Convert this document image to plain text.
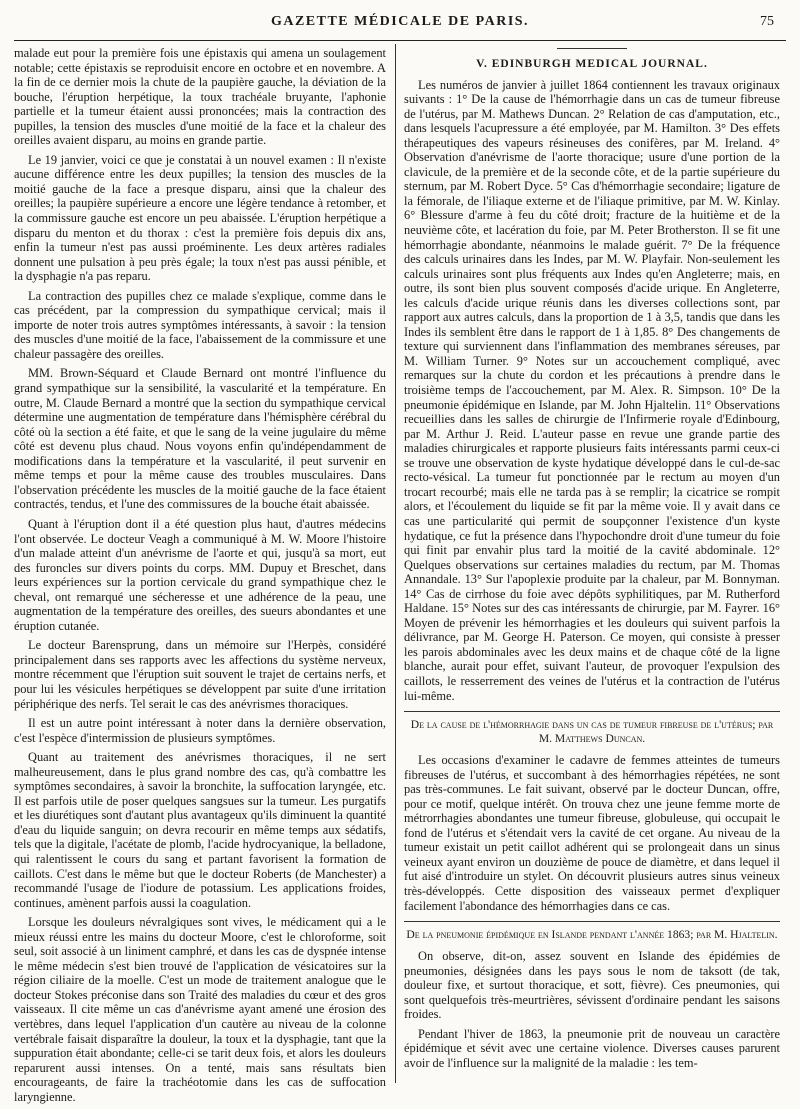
GAZETTE MÉDICALE DE PARIS.	75

malade eut pour la première fois une épistaxis qui amena un soulagement notable; cette épistaxis se reproduisit encore en octobre et en novembre. A la fin de ce dernier mois la chute de la paupière gauche, la déviation de la bouche, l'éruption herpétique, la toux trachéale bruyante, l'aphonie partielle et la tumeur étaient aussi prononcées; mais la contraction des pupilles, la tension des muscles d'une moitié de la face et la chaleur des oreilles avaient disparu, au moins en grande partie.

Le 19 janvier, voici ce que je constatai à un nouvel examen : Il n'existe aucune différence entre les deux pupilles; la tension des muscles de la moitié gauche de la face a presque disparu, ainsi que la chaleur des oreilles; la paupière supérieure a encore une légère tendance à retomber, et la commissure gauche est encore un peu abaissée. L'éruption herpétique a disparu du menton et du thorax : c'est la première fois depuis dix ans, enfin la tumeur n'est pas aussi proéminente. Les deux artères radiales donnent une pulsation à peu près égale; la toux n'est pas aussi pénible, et la dysphagie n'a pas reparu.

La contraction des pupilles chez ce malade s'explique, comme dans le cas précédent, par la compression du sympathique cervical; mais il importe de noter trois autres symptômes intéressants, à savoir : la tension des muscles d'une moitié de la face, l'abaissement de la commissure et une chaleur passagère des oreilles.

MM. Brown-Séquard et Claude Bernard ont montré l'influence du grand sympathique sur la sensibilité, la vascularité et la température. En outre, M. Claude Bernard a montré que la section du sympathique cervical détermine une augmentation de température dans l'hémisphère cérébral du côté où la section a été faite, et que le sang de la veine jugulaire du même côté est devenu plus chaud. Nous voyons enfin qu'indépendamment de modifications dans la température et la vascularité, il peut survenir en même temps et pour la même cause des troubles musculaires. Dans l'observation précédente les muscles de la moitié gauche de la face étaient contractés, tendus, et l'une des commissures de la bouche était abaissée.

Quant à l'éruption dont il a été question plus haut, d'autres médecins l'ont observée. Le docteur Veagh a communiqué à M. W. Moore l'histoire d'un malade atteint d'un anévrisme de l'aorte et qui, jusqu'à sa mort, eut des furoncles sur divers points du corps. MM. Dupuy et Breschet, dans leurs expériences sur la portion cervicale du grand sympathique chez le cheval, ont remarqué une sécheresse et une adhérence de la peau, une augmentation de la température des oreilles, des sueurs abondantes et une éruption cutanée.

Le docteur Barensprung, dans un mémoire sur l'Herpès, considéré principalement dans ses rapports avec les affections du système nerveux, montre récemment que l'éruption suit souvent le trajet de certains nerfs, et pour lui les vésicules herpétiques se développent par suite d'une irritation périphérique des nerfs. Tel serait le cas des anévrismes thoraciques.

Il est un autre point intéressant à noter dans la dernière observation, c'est l'espèce d'intermission de plusieurs symptômes.

Quant au traitement des anévrismes thoraciques, il ne sert malheureusement, dans le plus grand nombre des cas, qu'à combattre les symptômes secondaires, à savoir la bronchite, la suffocation laryngée, etc. Il est parfois utile de poser quelques sangsues sur la tumeur. Les purgatifs et les diurétiques sont d'autant plus avantageux qu'ils diminuent la quantité d'eau du liquide sanguin; on devra recourir en même temps aux sédatifs, tels que la digitale, l'acétate de plomb, l'acide hydrocyanique, la belladone, qui ralentissent le cours du sang et partant favorisent la formation de caillots. C'est dans le même but que le docteur Roberts (de Manchester) a recommandé l'usage de l'iodure de potassium. Les applications froides, continues, amènent parfois aussi la coagulation.

Lorsque les douleurs névralgiques sont vives, le médicament qui a le mieux réussi entre les mains du docteur Moore, c'est le chloroforme, soit seul, soit associé à un liniment camphré, et dans les cas de dyspnée intense le même médecin s'est bien trouvé de l'application de vésicatoires sur la région ciliaire de la moelle. C'est un mode de traitement analogue que le docteur Stokes préconise dans son Traité des maladies du cœur et des gros vaisseaux. Il cite même un cas d'anévrisme ayant amené une érosion des vertèbres, dans lequel l'application d'un cautère au niveau de la colonne vertébrale faisait disparaître la douleur, la toux et la dysphagie, tant que la suppuration était abondante; celle-ci se tarit deux fois, et alors les douleurs reparurent aussi intenses. On a tenté, mais sans résultats bien encourageants, de faire la trachéotomie dans les cas de suffocation laryngienne.

V. EDINBURGH MEDICAL JOURNAL.

Les numéros de janvier à juillet 1864 contiennent les travaux originaux suivants : 1° De la cause de l'hémorrhagie dans un cas de tumeur fibreuse de l'utérus, par M. Mathews Duncan. 2° Relation de cas d'amputation, etc., dans lesquels l'acupressure a été employée, par M. Hamilton. 3° Des effets thérapeutiques des vapeurs résineuses des conifères, par M. Ireland. 4° Observation d'anévrisme de l'aorte thoracique; usure d'une portion de la clavicule, de la première et de la seconde côte, et de la partie supérieure du sternum, par M. Robert Dyce. 5° Cas d'hémorrhagie secondaire; ligature de la fémorale, de l'iliaque externe et de l'iliaque primitive, par M. W. Kinlay. 6° Blessure d'arme à feu du côté droit; fracture de la huitième et de la neuvième côte, et lacération du foie, par M. Peter Brotherston. Il se fit une hémorrhagie abondante, néanmoins le malade guérit. 7° De la fréquence des calculs urinaires dans les Indes, par M. W. Playfair. Non-seulement les calculs urinaires sont plus fréquents aux Indes qu'en Angleterre; mais, en outre, ils sont bien plus souvent composés d'acide urique. En Angleterre, les calculs d'acide urique réunis dans les diverses collections sont, par rapport aux autres calculs, dans la proportion de 1 à 3,5, tandis que dans les Indes ils semblent être dans le rapport de 1 à 1,85. 8° Des changements de texture qui surviennent dans l'inflammation des membranes séreuses, par M. William Turner. 9° Notes sur un accouchement compliqué, avec remarques sur la chute du cordon et les précautions à prendre dans le troisième temps de l'accouchement, par M. Alex. R. Simpson. 10° De la pneumonie épidémique en Islande, par M. John Hjaltelin. 11° Observations recueillies dans les salles de chirurgie de l'Infirmerie royale d'Edinbourg, par M. Arthur J. Reid. L'auteur passe en revue une grande partie des maladies chirurgicales et rapporte plusieurs faits intéressants parmi ceux-ci se trouve une observation de kyste hydatique développé dans le cul-de-sac recto-vésical. La tumeur fut ponctionnée par le rectum au moyen d'un trocart recourbé; mais elle ne tarda pas à se remplir; la cicatrice se rompit alors, et l'écoulement du liquide se fit par la même voie. Il y avait dans ce cas une particularité qui permit de soupçonner l'existence d'un kyste hydatique, ce fut la présence dans l'hypochondre droit d'une tumeur du foie qui finit par envahir plus tard la moitié de la cavité abdominale. 12° Quelques observations sur certaines maladies du rectum, par M. Thomas Annandale. 13° Sur l'apoplexie produite par la chaleur, par M. Bonnyman. 14° Cas de cirrhose du foie avec dépôts syphilitiques, par M. Rutherford Haldane. 15° Notes sur des cas intéressants de chirurgie, par M. Fayrer. 16° Moyen de prévenir les hémorrhagies et les douleurs qui suivent parfois la délivrance, par M. George H. Paterson. Ce moyen, qui consiste à presser les parois abdominales avec les deux mains et de chaque côté de la ligne blanche, aurait pour effet, suivant l'auteur, de provoquer l'expulsion des caillots, le resserrement des veines de l'utérus et la contraction de l'utérus lui-même.

De la cause de l'hémorrhagie dans un cas de tumeur fibreuse de l'utérus; par M. Matthews Duncan.

Les occasions d'examiner le cadavre de femmes atteintes de tumeurs fibreuses de l'utérus, et succombant à des hémorrhagies répétées, ne sont pas très-communes. Le fait suivant, observé par le docteur Duncan, offre, pour ce motif, quelque intérêt. On trouva chez une jeune femme morte de métrorrhagies abondantes une tumeur fibreuse, globuleuse, qui occupait le fond de l'utérus et s'étendait vers la cavité de cet organe. Au niveau de la tumeur existait un petit caillot adhérent qui se prolongeait dans un sinus veineux ayant environ un douzième de pouce de diamètre, et dans lequel il fut aisé d'introduire un stylet. On découvrit plusieurs autres sinus veineux très-développés. Cette disposition des vaisseaux permet d'expliquer facilement l'abondance des hémorrhagies dans ce cas.

De la pneumonie épidémique en Islande pendant l'année 1863; par M. Hjaltelin.

On observe, dit-on, assez souvent en Islande des épidémies de pneumonies, désignées dans les pays sous le nom de taksott (de tak, douleur fixe, et surtout thoracique, et sott, fièvre). Ces pneumonies, qui sont quelquefois très-meurtrières, sévissent d'ordinaire pendant les saisons froides.

Pendant l'hiver de 1863, la pneumonie prit de nouveau un caractère épidémique et sévit avec une certaine violence. Diverses causes parurent avoir de l'influence sur la malignité de la maladie : les tem-
